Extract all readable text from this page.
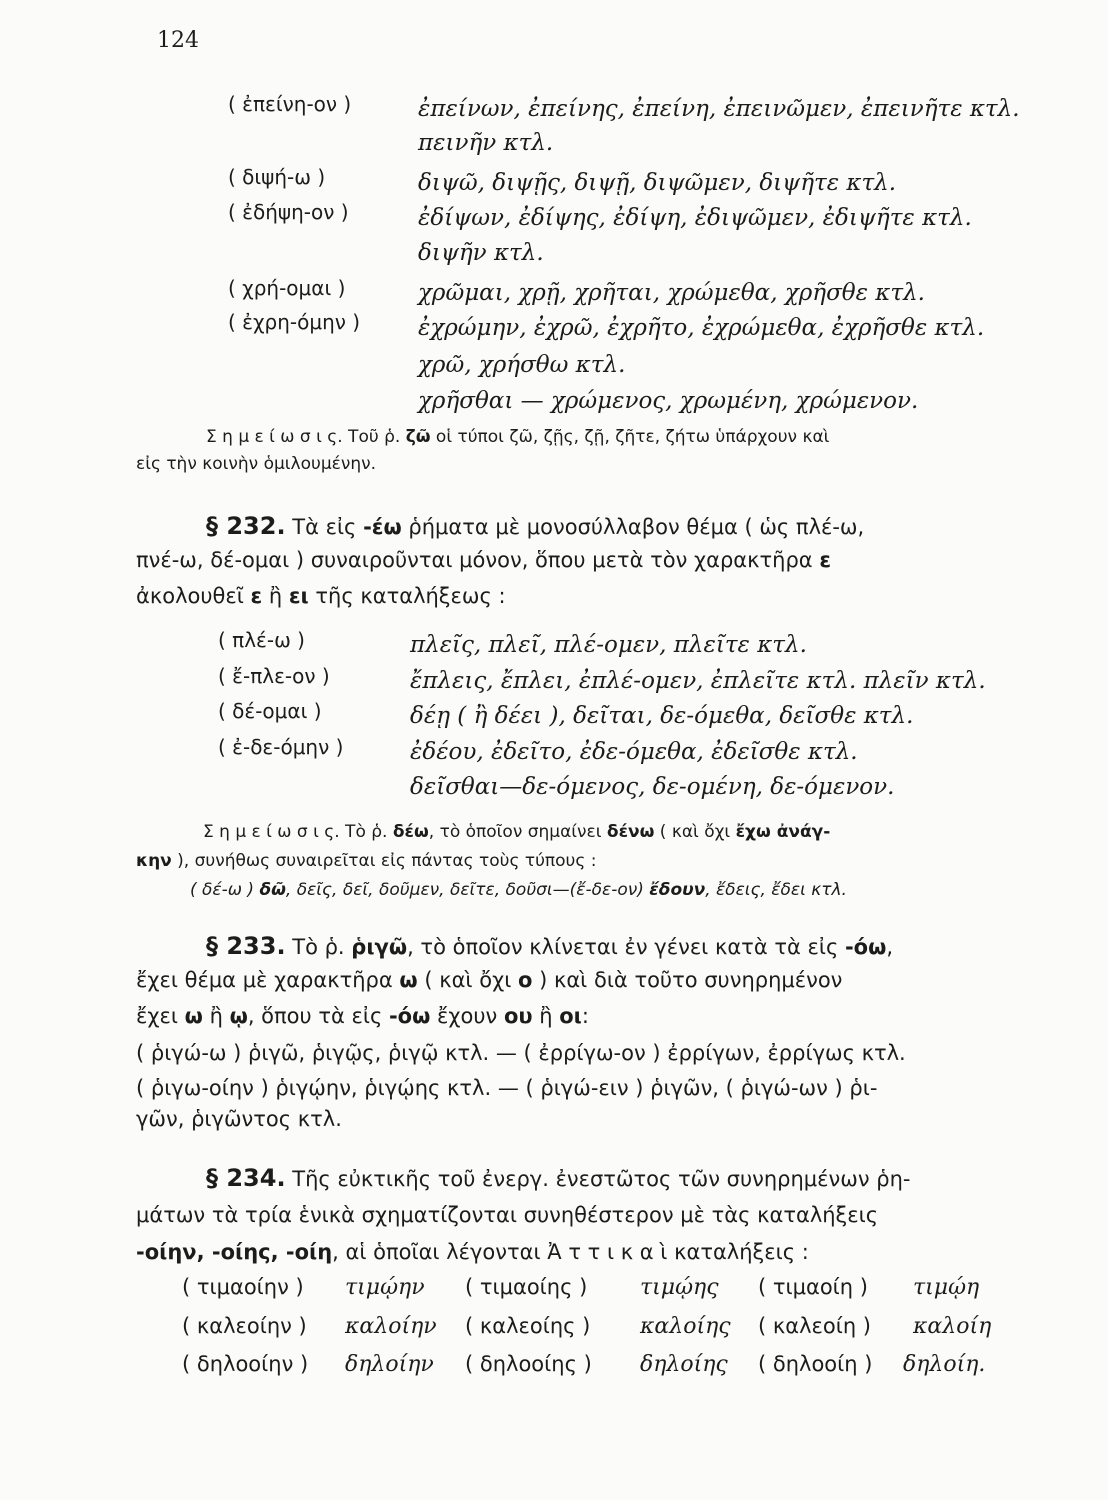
124
( ἐπείνη-ον )	ἐπείνων, ἐπείνης, ἐπείνη, ἐπεινῶμεν, ἐπεινῆτε κτλ.
πεινῆν κτλ.
( διψή-ω )	διψῶ, διψῇς, διψῇ, διψῶμεν, διψῆτε κτλ.
( ἐδήψη-ον )	ἐδίψων, ἐδίψης, ἐδίψη, ἐδιψῶμεν, ἐδιψῆτε κτλ.
διψῆν κτλ.
( χρή-ομαι )	χρῶμαι, χρῇ, χρῆται, χρώμεθα, χρῆσθε κτλ.
( ἐχρη-όμην )	ἐχρώμην, ἐχρῶ, ἐχρῆτο, ἐχρώμεθα, ἐχρῆσθε κτλ.
χρῶ, χρήσθω κτλ.
χρῆσθαι — χρώμενος, χρωμένη, χρώμενον.
Σ η μ ε ί ω σ ι ς. Τοῦ ῥ. ζῶ οἱ τύποι ζῶ, ζῇς, ζῇ, ζῆτε, ζήτω ὑπάρχουν καὶ
εἰς τὴν κοινὴν ὁμιλουμένην.
§ 232. Τὰ εἰς -έω ῥήματα μὲ μονοσύλλαβον θέμα ( ὡς πλέ-ω,
πνέ-ω, δέ-ομαι ) συναιροῦνται μόνον, ὅπου μετὰ τὸν χαρακτῆρα ε
ἀκολουθεῖ ε ἢ ει τῆς καταλήξεως :
( πλέ-ω )	πλεῖς, πλεῖ, πλέ-ομεν, πλεῖτε κτλ.
( ἔ-πλε-ον )	ἔπλεις, ἔπλει, ἐπλέ-ομεν, ἐπλεῖτε κτλ. πλεῖν κτλ.
( δέ-ομαι )	δέῃ ( ἢ δέει ), δεῖται, δε-όμεθα, δεῖσθε κτλ.
( ἐ-δε-όμην )	ἐδέου, ἐδεῖτο, ἐδε-όμεθα, ἐδεῖσθε κτλ.
δεῖσθαι—δε-όμενος, δε-ομένη, δε-όμενον.
Σ η μ ε ί ω σ ι ς. Τὸ ῥ. δέω, τὸ ὁποῖον σημαίνει δένω ( καὶ ὄχι ἔχω ἀνάγ-
κην ), συνήθως συναιρεῖται εἰς πάντας τοὺς τύπους :
( δέ-ω ) δῶ, δεῖς, δεῖ, δοῦμεν, δεῖτε, δοῦσι—(ἔ-δε-ον) ἔδουν, ἔδεις, ἔδει κτλ.
§ 233. Τὸ ῥ. ῥιγῶ, τὸ ὁποῖον κλίνεται ἐν γένει κατὰ τὰ εἰς -όω,
ἔχει θέμα μὲ χαρακτῆρα ω ( καὶ ὄχι ο ) καὶ διὰ τοῦτο συνηρημένον
ἔχει ω ἢ ῳ, ὅπου τὰ εἰς -όω ἔχουν ου ἢ οι:
( ῥιγώ-ω ) ῥιγῶ, ῥιγῷς, ῥιγῷ κτλ. — ( ἐρρίγω-ον ) ἐρρίγων, ἐρρίγως κτλ.
( ῥιγω-οίην ) ῥιγῴην, ῥιγῴης κτλ. — ( ῥιγώ-ειν ) ῥιγῶν, ( ῥιγώ-ων ) ῥι-
γῶν, ῥιγῶντος κτλ.
§ 234. Τῆς εὐκτικῆς τοῦ ἐνεργ. ἐνεστῶτος τῶν συνηρημένων ῥη-
μάτων τὰ τρία ἑνικὰ σχηματίζονται συνηθέστερον μὲ τὰς καταλήξεις
-οίην, -οίης, -οίη, αἱ ὁποῖαι λέγονται Ἀ τ τ ι κ α ὶ καταλήξεις :
( τιμαοίην ) τιμῴην ( τιμαοίης ) τιμῴης ( τιμαοίη ) τιμῴη
( καλεοίην ) καλοίην ( καλεοίης ) καλοίης ( καλεοίη ) καλοίη
( δηλοοίην ) δηλοίην ( δηλοοίης ) δηλοίης ( δηλοοίη ) δηλοίη.
